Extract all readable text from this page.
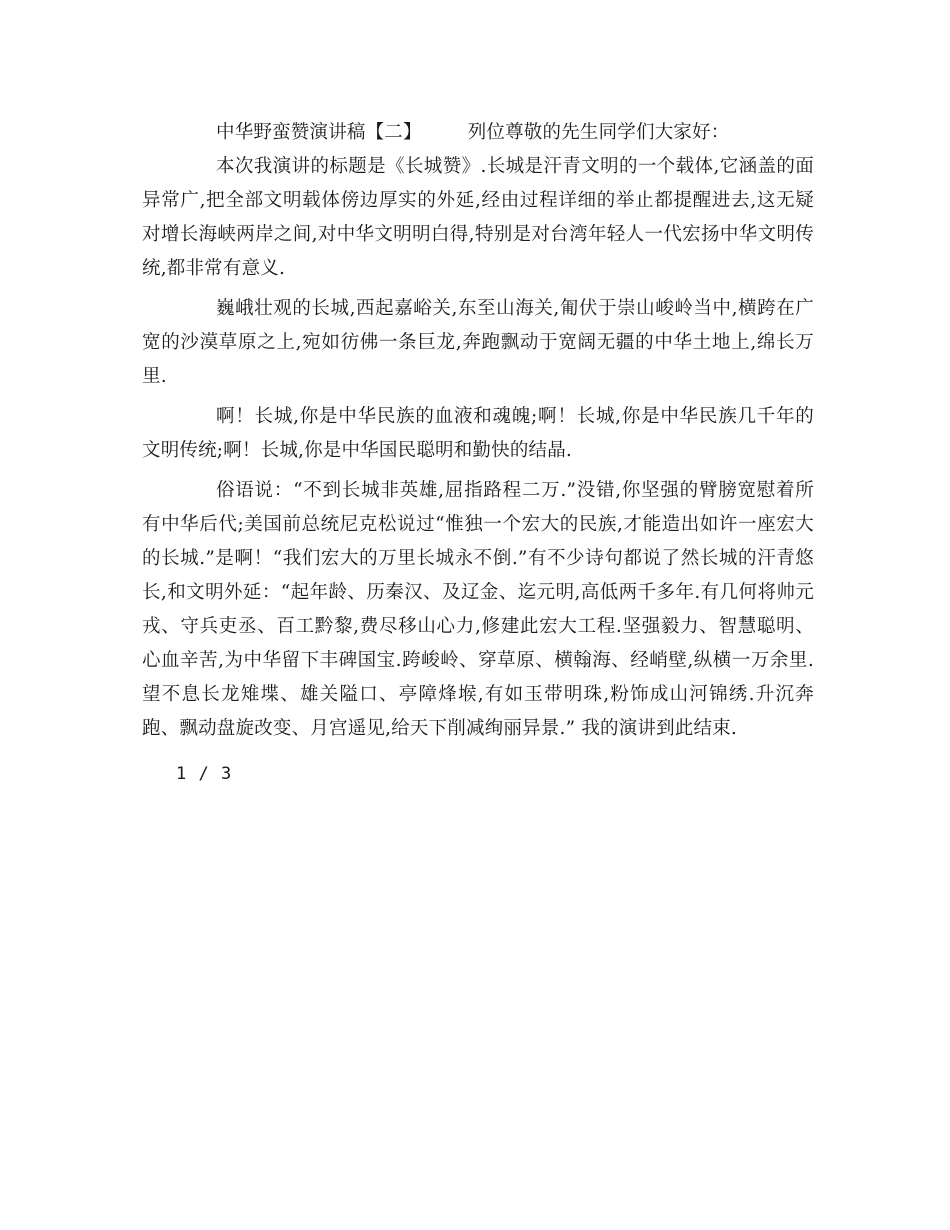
中华野蛮赞演讲稿【二】 列位尊敬的先生同学们大家好：

本次我演讲的标题是《长城赞》.长城是汗青文明的一个载体,它涵盖的面异常广,把全部文明载体傍边厚实的外延,经由过程详细的举止都提醒进去,这无疑对增长海峡两岸之间,对中华文明明白得,特别是对台湾年轻人一代宏扬中华文明传统,都非常有意义.

巍峨壮观的长城,西起嘉峪关,东至山海关,匍伏于崇山峻岭当中,横跨在广宽的沙漠草原之上,宛如彷佛一条巨龙,奔跑飘动于宽阔无疆的中华土地上,绵长万里.

啊！长城,你是中华民族的血液和魂魄;啊！长城,你是中华民族几千年的文明传统;啊！长城,你是中华国民聪明和勤快的结晶.

俗语说：“不到长城非英雄,屈指路程二万.”没错,你坚强的臂膀宽慰着所有中华后代;美国前总统尼克松说过“惟独一个宏大的民族,才能造出如许一座宏大的长城.”是啊！“我们宏大的万里长城永不倒.”有不少诗句都说了然长城的汗青悠长,和文明外延：“起年龄、历秦汉、及辽金、迄元明,高低两千多年.有几何将帅元戎、守兵吏丞、百工黔黎,费尽移山心力,修建此宏大工程.坚强毅力、智慧聪明、心血辛苦,为中华留下丰碑国宝.跨峻岭、穿草原、横翰海、经峭壁,纵横一万余里.望不息长龙雉堞、雄关隘口、亭障烽堠,有如玉带明珠,粉饰成山河锦绣.升沉奔跑、飘动盘旋改变、月宫遥见,给天下削减绚丽异景.” 我的演讲到此结束.

1 / 3
